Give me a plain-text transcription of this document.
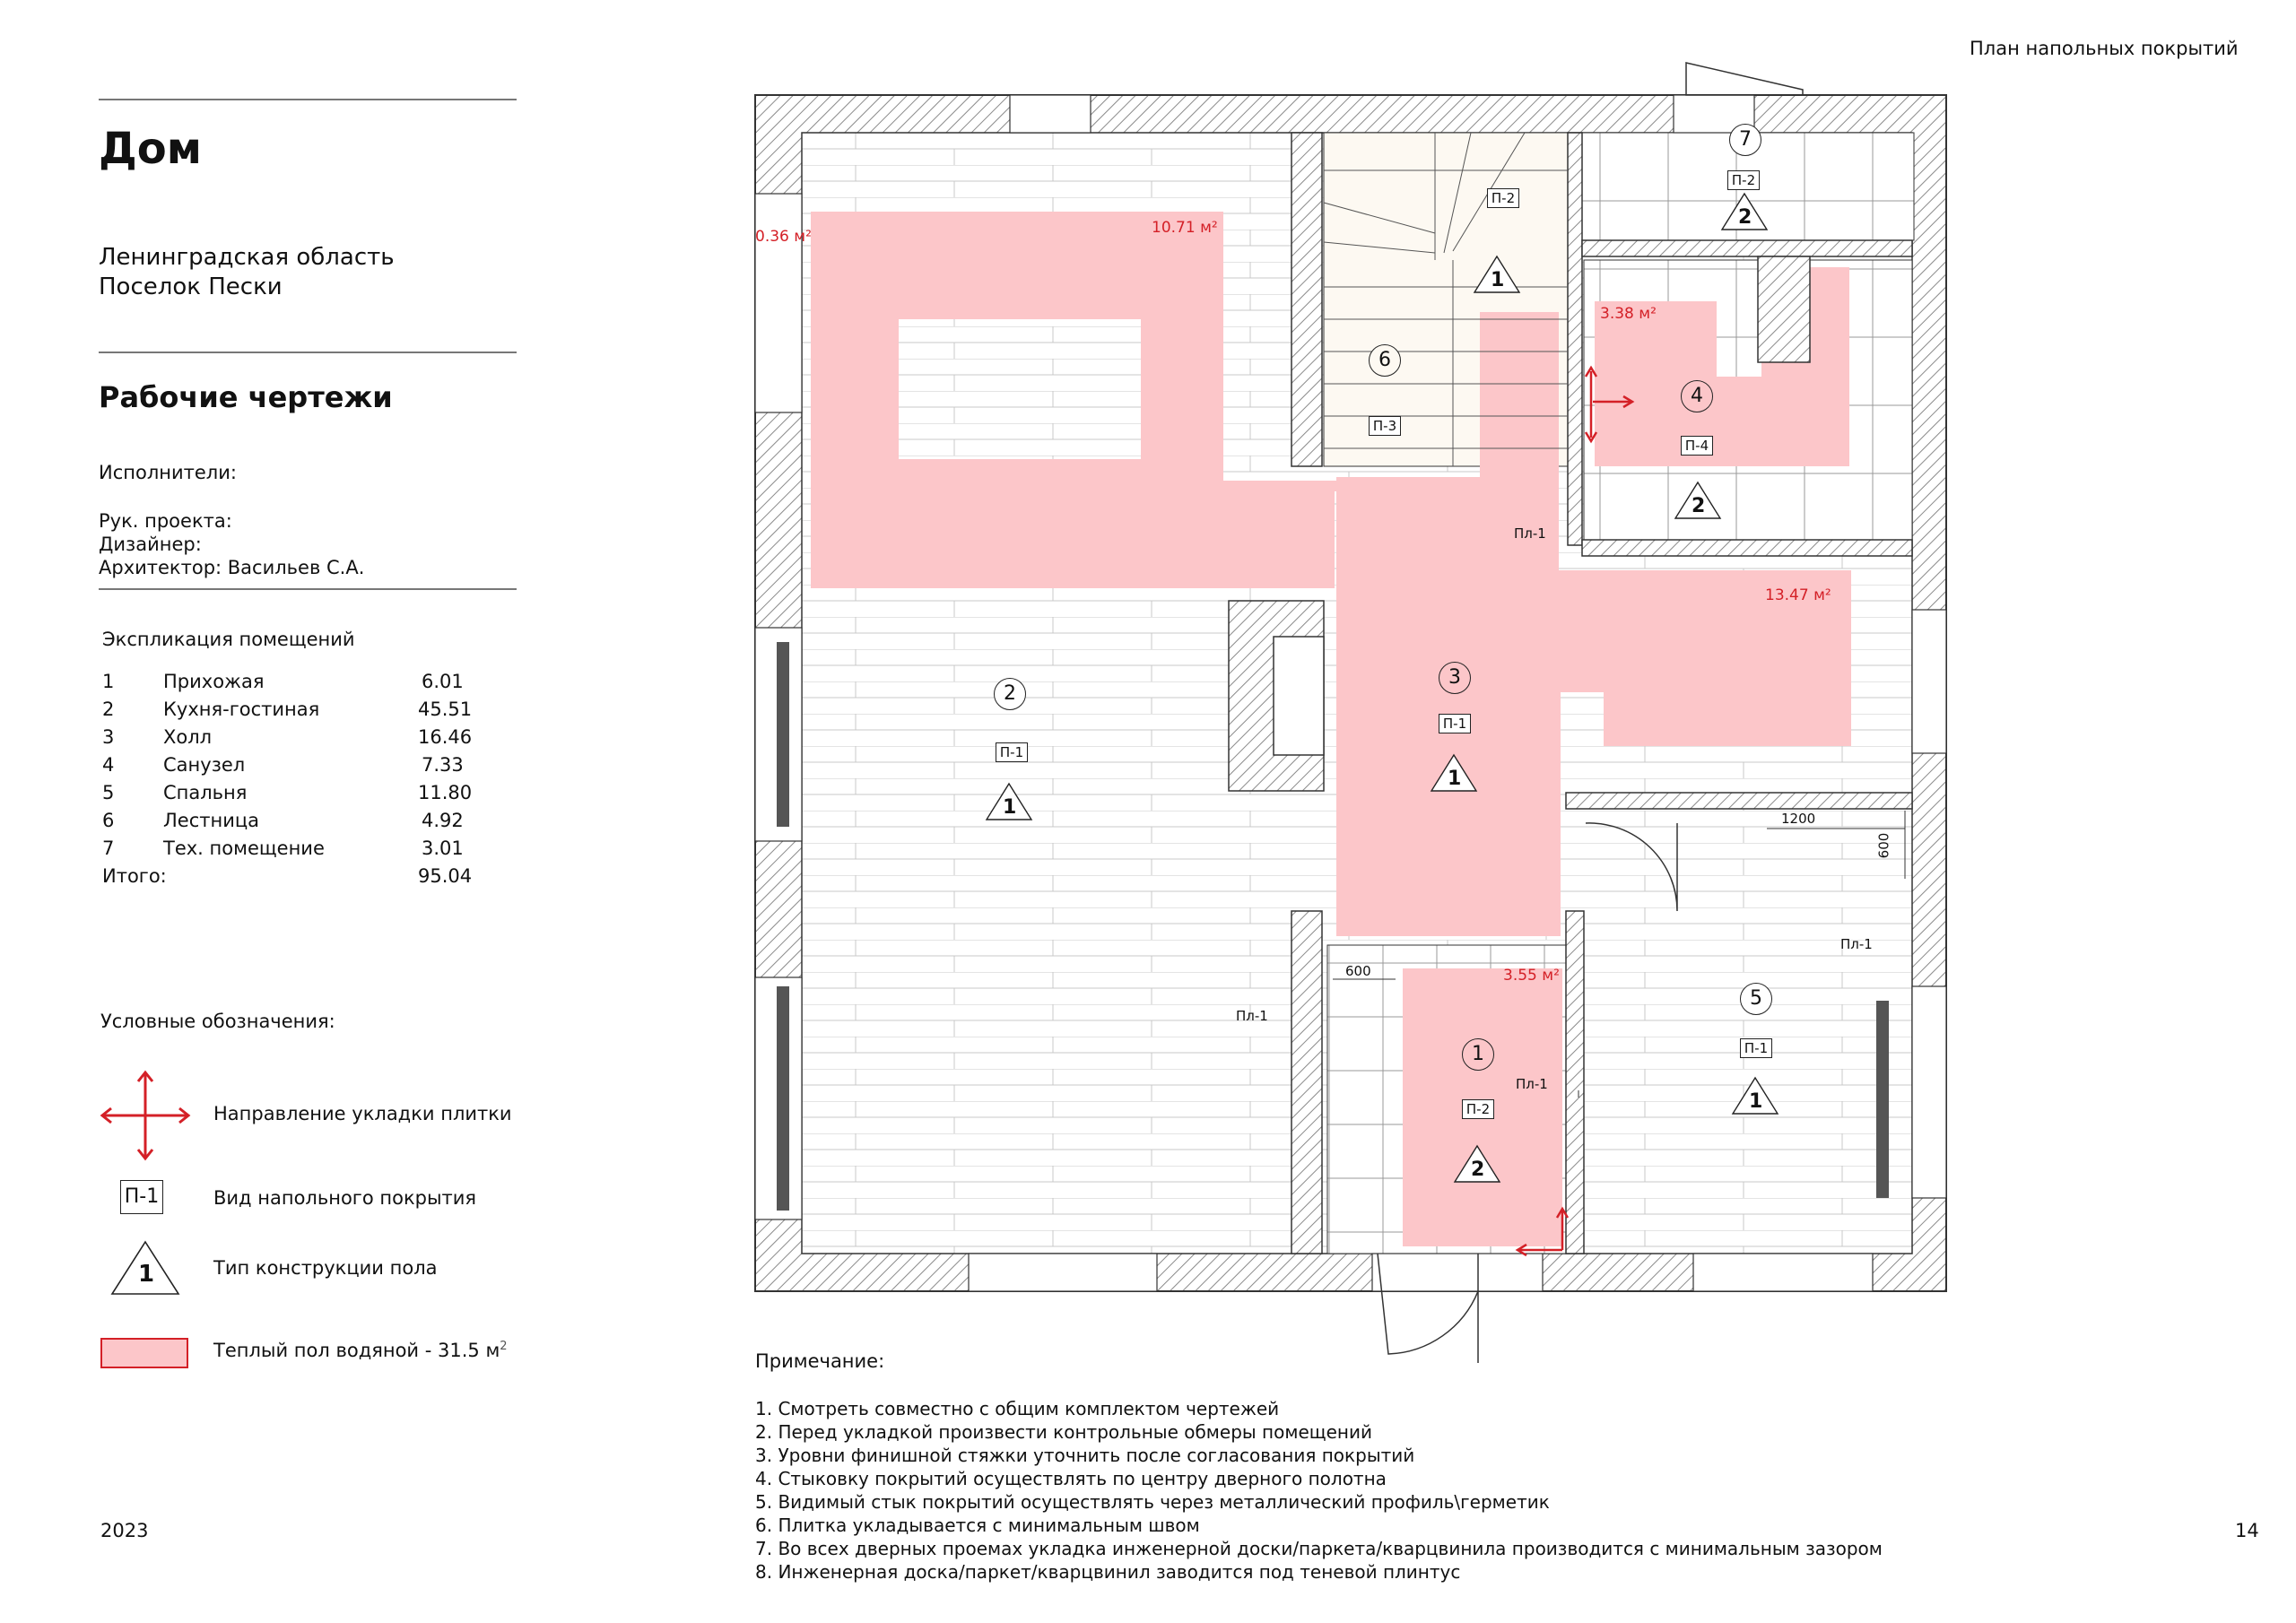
План напольных покрытий
Дом
Ленинградская область
Поселок Пески
Рабочие чертежи
Исполнители:
Рук. проекта:
Дизайнер:
Архитектор: Васильев С.А.
Экспликация помещений
1	Прихожая	6.01
2	Кухня-гостиная	45.51
3	Холл	16.46
4	Санузел	7.33
5	Спальня	11.80
6	Лестница	4.92
7	Тех. помещение	3.01
Итого:	95.04
Условные обозначения:
Направление укладки плитки
П-1	Вид напольного покрытия
1	Тип конструкции пола
Теплый пол водяной - 31.5 $м^2$
2023	14
Примечание:
1. Смотреть совместно с общим комплектом чертежей
2. Перед укладкой произвести контрольные обмеры помещений
3. Уровни финишной стяжки уточнить после согласования покрытий
4. Стыковку покрытий осуществлять по центру дверного полотна
5. Видимый стык покрытий осуществлять через металлический профиль\герметик
6. Плитка укладывается с минимальным швом
7. Во всех дверных проемах укладка инженерной доски/паркета/кварцвинила производится с минимальным зазором
8. Инженерная доска/паркет/кварцвинил заводится под теневой плинтус
0.36 м²	10.71 м²
3.38 м²
13.47 м²
3.55 м²
2
3
4
5
6
7
1
П-1
П-1
П-1
П-2
П-2
П-3
П-4
П-2
1
1
1
2
2
2
1
Пл-1
Пл-1
Пл-1
Пл-1
1200
600
600
